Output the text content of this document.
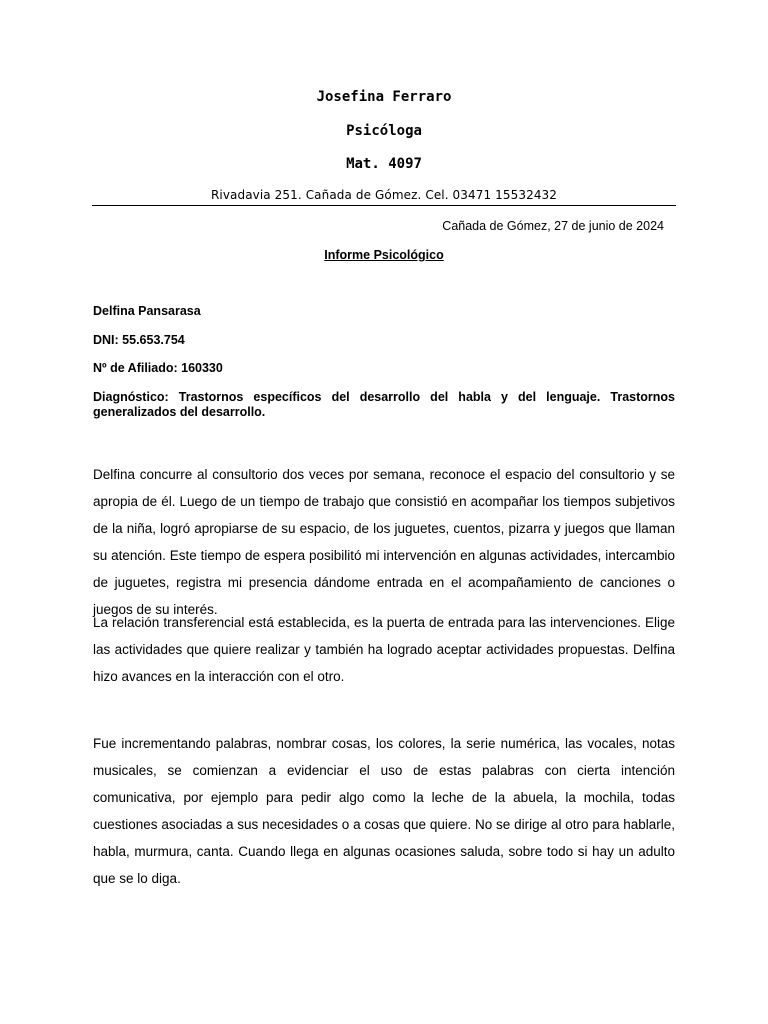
Josefina Ferraro
Psicóloga
Mat. 4097
Rivadavia 251. Cañada de Gómez. Cel. 03471 15532432
Cañada de Gómez, 27 de junio de 2024
Informe Psicológico
Delfina Pansarasa
DNI: 55.653.754
Nº de Afiliado: 160330
Diagnóstico: Trastornos específicos del desarrollo del habla y del lenguaje. Trastornos generalizados del desarrollo.
Delfina concurre al consultorio dos veces por semana, reconoce el espacio del consultorio y se apropia de él. Luego de un tiempo de trabajo que consistió en acompañar los tiempos subjetivos de la niña, logró apropiarse de su espacio, de los juguetes, cuentos, pizarra y juegos que llaman su atención. Este tiempo de espera posibilitó mi intervención en algunas actividades, intercambio de juguetes, registra mi presencia dándome entrada en el acompañamiento de canciones o juegos de su interés.
La relación transferencial está establecida, es la puerta de entrada para las intervenciones. Elige las actividades que quiere realizar y también ha logrado aceptar actividades propuestas. Delfina hizo avances en la interacción con el otro.
Fue incrementando palabras, nombrar cosas, los colores, la serie numérica, las vocales, notas musicales, se comienzan a evidenciar el uso de estas palabras con cierta intención comunicativa, por ejemplo para pedir algo como la leche de la abuela, la mochila, todas cuestiones asociadas a sus necesidades o a cosas que quiere. No se dirige al otro para hablarle, habla, murmura, canta. Cuando llega en algunas ocasiones saluda, sobre todo si hay un adulto que se lo diga.
